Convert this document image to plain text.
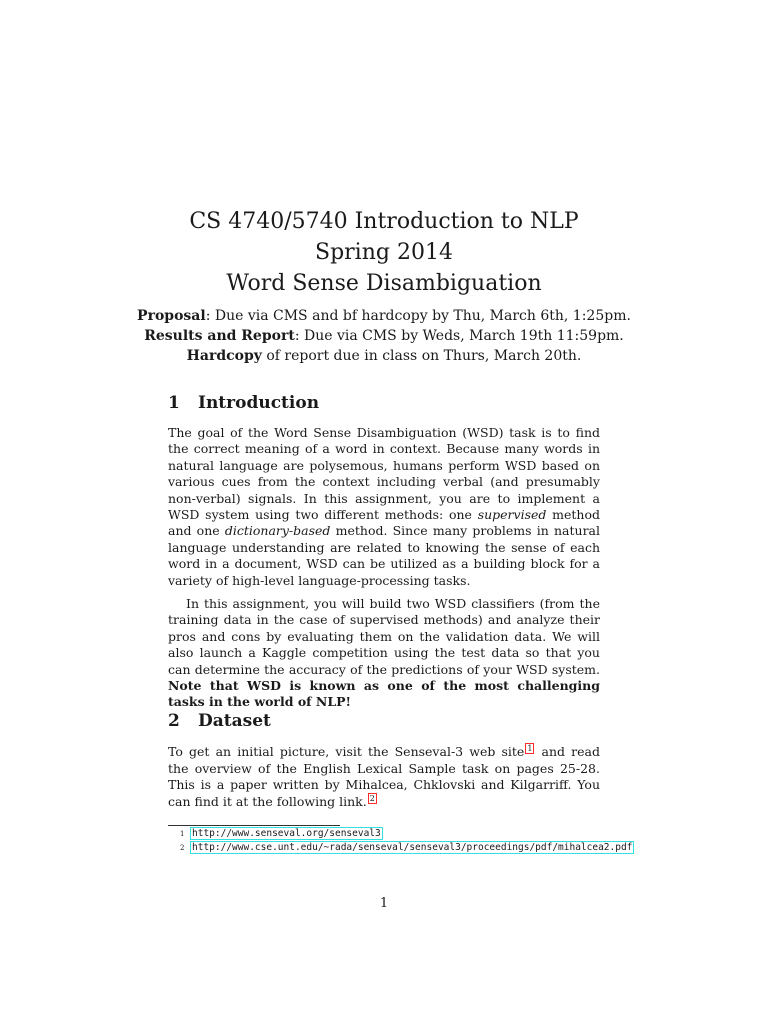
CS 4740/5740 Introduction to NLP
Spring 2014
Word Sense Disambiguation
Proposal: Due via CMS and bf hardcopy by Thu, March 6th, 1:25pm.
Results and Report: Due via CMS by Weds, March 19th 11:59pm.
Hardcopy of report due in class on Thurs, March 20th.
1 Introduction

The goal of the Word Sense Disambiguation (WSD) task is to find the correct meaning of a word in context. Because many words in natural language are polysemous, humans perform WSD based on various cues from the context including verbal (and presumably non-verbal) signals. In this assignment, you are to implement a WSD system using two different methods: one supervised method and one dictionary-based method. Since many problems in natural language understanding are related to knowing the sense of each word in a document, WSD can be utilized as a building block for a variety of high-level language-processing tasks.

In this assignment, you will build two WSD classifiers (from the training data in the case of supervised methods) and analyze their pros and cons by evaluating them on the validation data. We will also launch a Kaggle competition using the test data so that you can determine the accuracy of the predictions of your WSD system. Note that WSD is known as one of the most challenging tasks in the world of NLP!

2 Dataset

To get an initial picture, visit the Senseval-3 web site 1 and read the overview of the English Lexical Sample task on pages 25-28. This is a paper written by Mihalcea, Chklovski and Kilgarriff. You can find it at the following link. 2

1 http://www.senseval.org/senseval3
2 http://www.cse.unt.edu/~rada/senseval/senseval3/proceedings/pdf/mihalcea2.pdf
1
